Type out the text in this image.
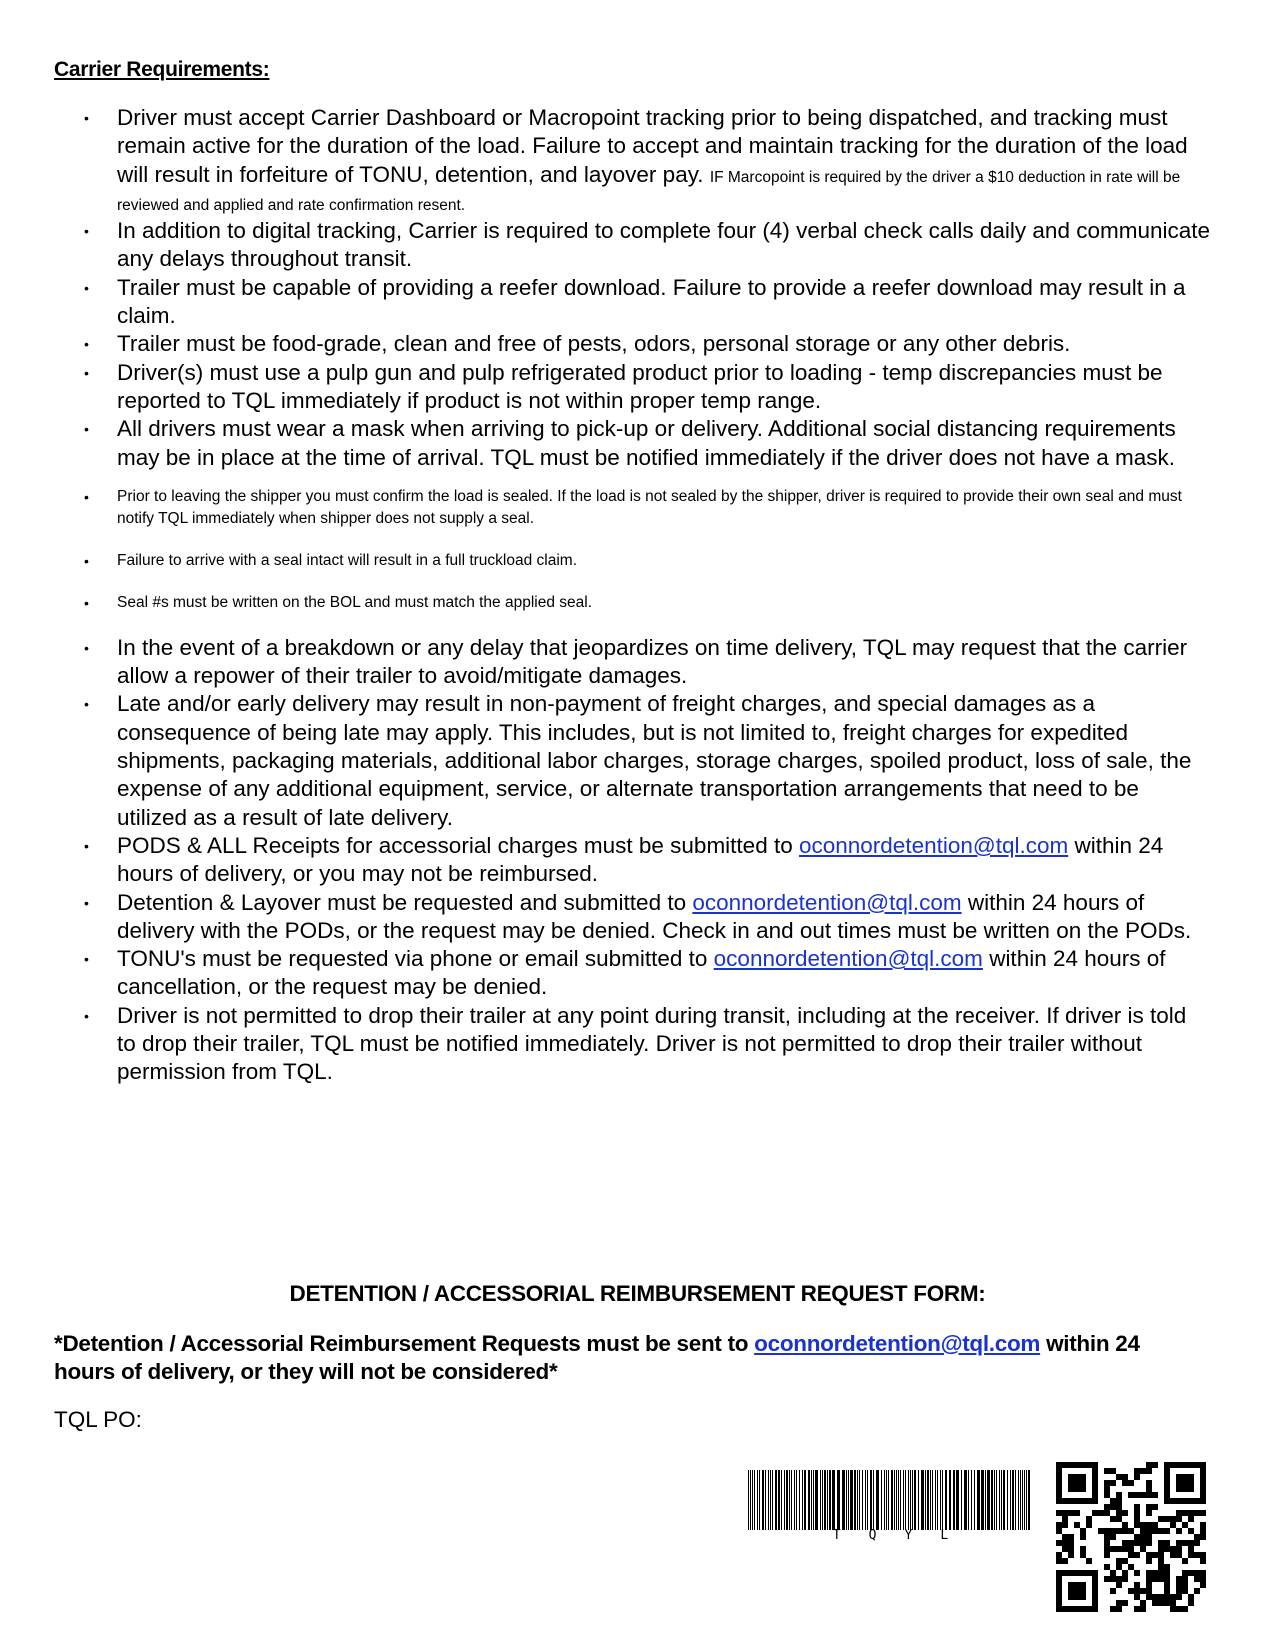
Carrier Requirements:
• Driver must accept Carrier Dashboard or Macropoint tracking prior to being dispatched, and tracking must remain active for the duration of the load. Failure to accept and maintain tracking for the duration of the load will result in forfeiture of TONU, detention, and layover pay. IF Marcopoint is required by the driver a $10 deduction in rate will be reviewed and applied and rate confirmation resent.
• In addition to digital tracking, Carrier is required to complete four (4) verbal check calls daily and communicate any delays throughout transit.
• Trailer must be capable of providing a reefer download. Failure to provide a reefer download may result in a claim.
• Trailer must be food-grade, clean and free of pests, odors, personal storage or any other debris.
• Driver(s) must use a pulp gun and pulp refrigerated product prior to loading - temp discrepancies must be reported to TQL immediately if product is not within proper temp range.
• All drivers must wear a mask when arriving to pick-up or delivery. Additional social distancing requirements may be in place at the time of arrival. TQL must be notified immediately if the driver does not have a mask.
• Prior to leaving the shipper you must confirm the load is sealed. If the load is not sealed by the shipper, driver is required to provide their own seal and must notify TQL immediately when shipper does not supply a seal.
• Failure to arrive with a seal intact will result in a full truckload claim.
• Seal #s must be written on the BOL and must match the applied seal.
• In the event of a breakdown or any delay that jeopardizes on time delivery, TQL may request that the carrier allow a repower of their trailer to avoid/mitigate damages.
• Late and/or early delivery may result in non-payment of freight charges, and special damages as a consequence of being late may apply. This includes, but is not limited to, freight charges for expedited shipments, packaging materials, additional labor charges, storage charges, spoiled product, loss of sale, the expense of any additional equipment, service, or alternate transportation arrangements that need to be utilized as a result of late delivery.
• PODS & ALL Receipts for accessorial charges must be submitted to oconnordetention@tql.com within 24 hours of delivery, or you may not be reimbursed.
• Detention & Layover must be requested and submitted to oconnordetention@tql.com within 24 hours of delivery with the PODs, or the request may be denied. Check in and out times must be written on the PODs.
• TONU's must be requested via phone or email submitted to oconnordetention@tql.com within 24 hours of cancellation, or the request may be denied.
• Driver is not permitted to drop their trailer at any point during transit, including at the receiver. If driver is told to drop their trailer, TQL must be notified immediately. Driver is not permitted to drop their trailer without permission from TQL.
DETENTION / ACCESSORIAL REIMBURSEMENT REQUEST FORM:
*Detention / Accessorial Reimbursement Requests must be sent to oconnordetention@tql.com within 24 hours of delivery, or they will not be considered*
TQL PO:
T Q Y L
